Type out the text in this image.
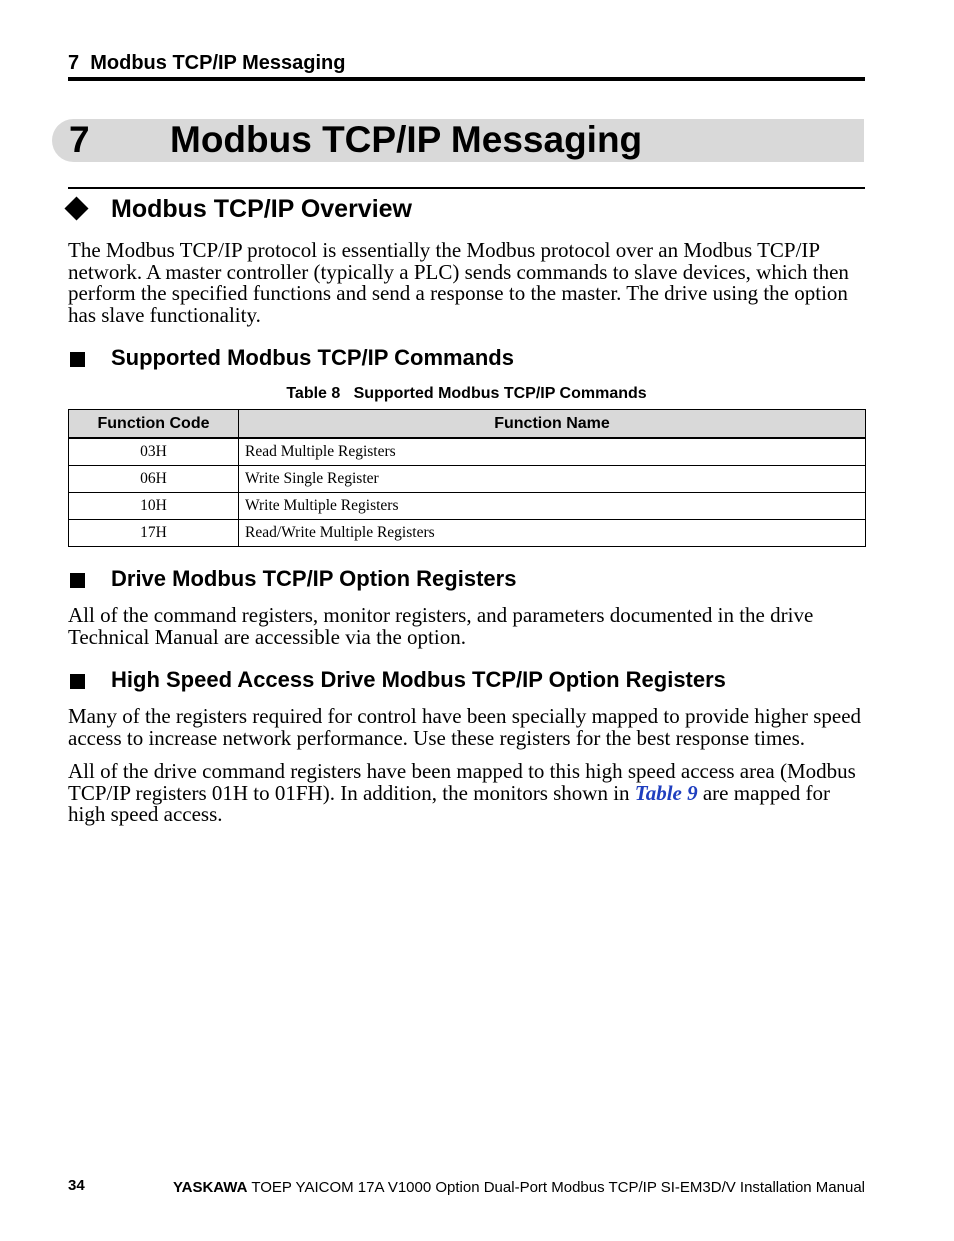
7  Modbus TCP/IP Messaging
7 Modbus TCP/IP Messaging
Modbus TCP/IP Overview

The Modbus TCP/IP protocol is essentially the Modbus protocol over an Modbus TCP/IP network. A master controller (typically a PLC) sends commands to slave devices, which then perform the specified functions and send a response to the master. The drive using the option has slave functionality.

Supported Modbus TCP/IP Commands
Table 8 Supported Modbus TCP/IP Commands
Function Code	Function Name
03H	Read Multiple Registers
06H	Write Single Register
10H	Write Multiple Registers
17H	Read/Write Multiple Registers
Drive Modbus TCP/IP Option Registers

All of the command registers, monitor registers, and parameters documented in the drive Technical Manual are accessible via the option.

High Speed Access Drive Modbus TCP/IP Option Registers

Many of the registers required for control have been specially mapped to provide higher speed access to increase network performance. Use these registers for the best response times.

All of the drive command registers have been mapped to this high speed access area (Modbus TCP/IP registers 01H to 01FH). In addition, the monitors shown in Table 9 are mapped for high speed access.

34	YASKAWA TOEP YAICOM 17A V1000 Option Dual-Port Modbus TCP/IP SI-EM3D/V Installation Manual
